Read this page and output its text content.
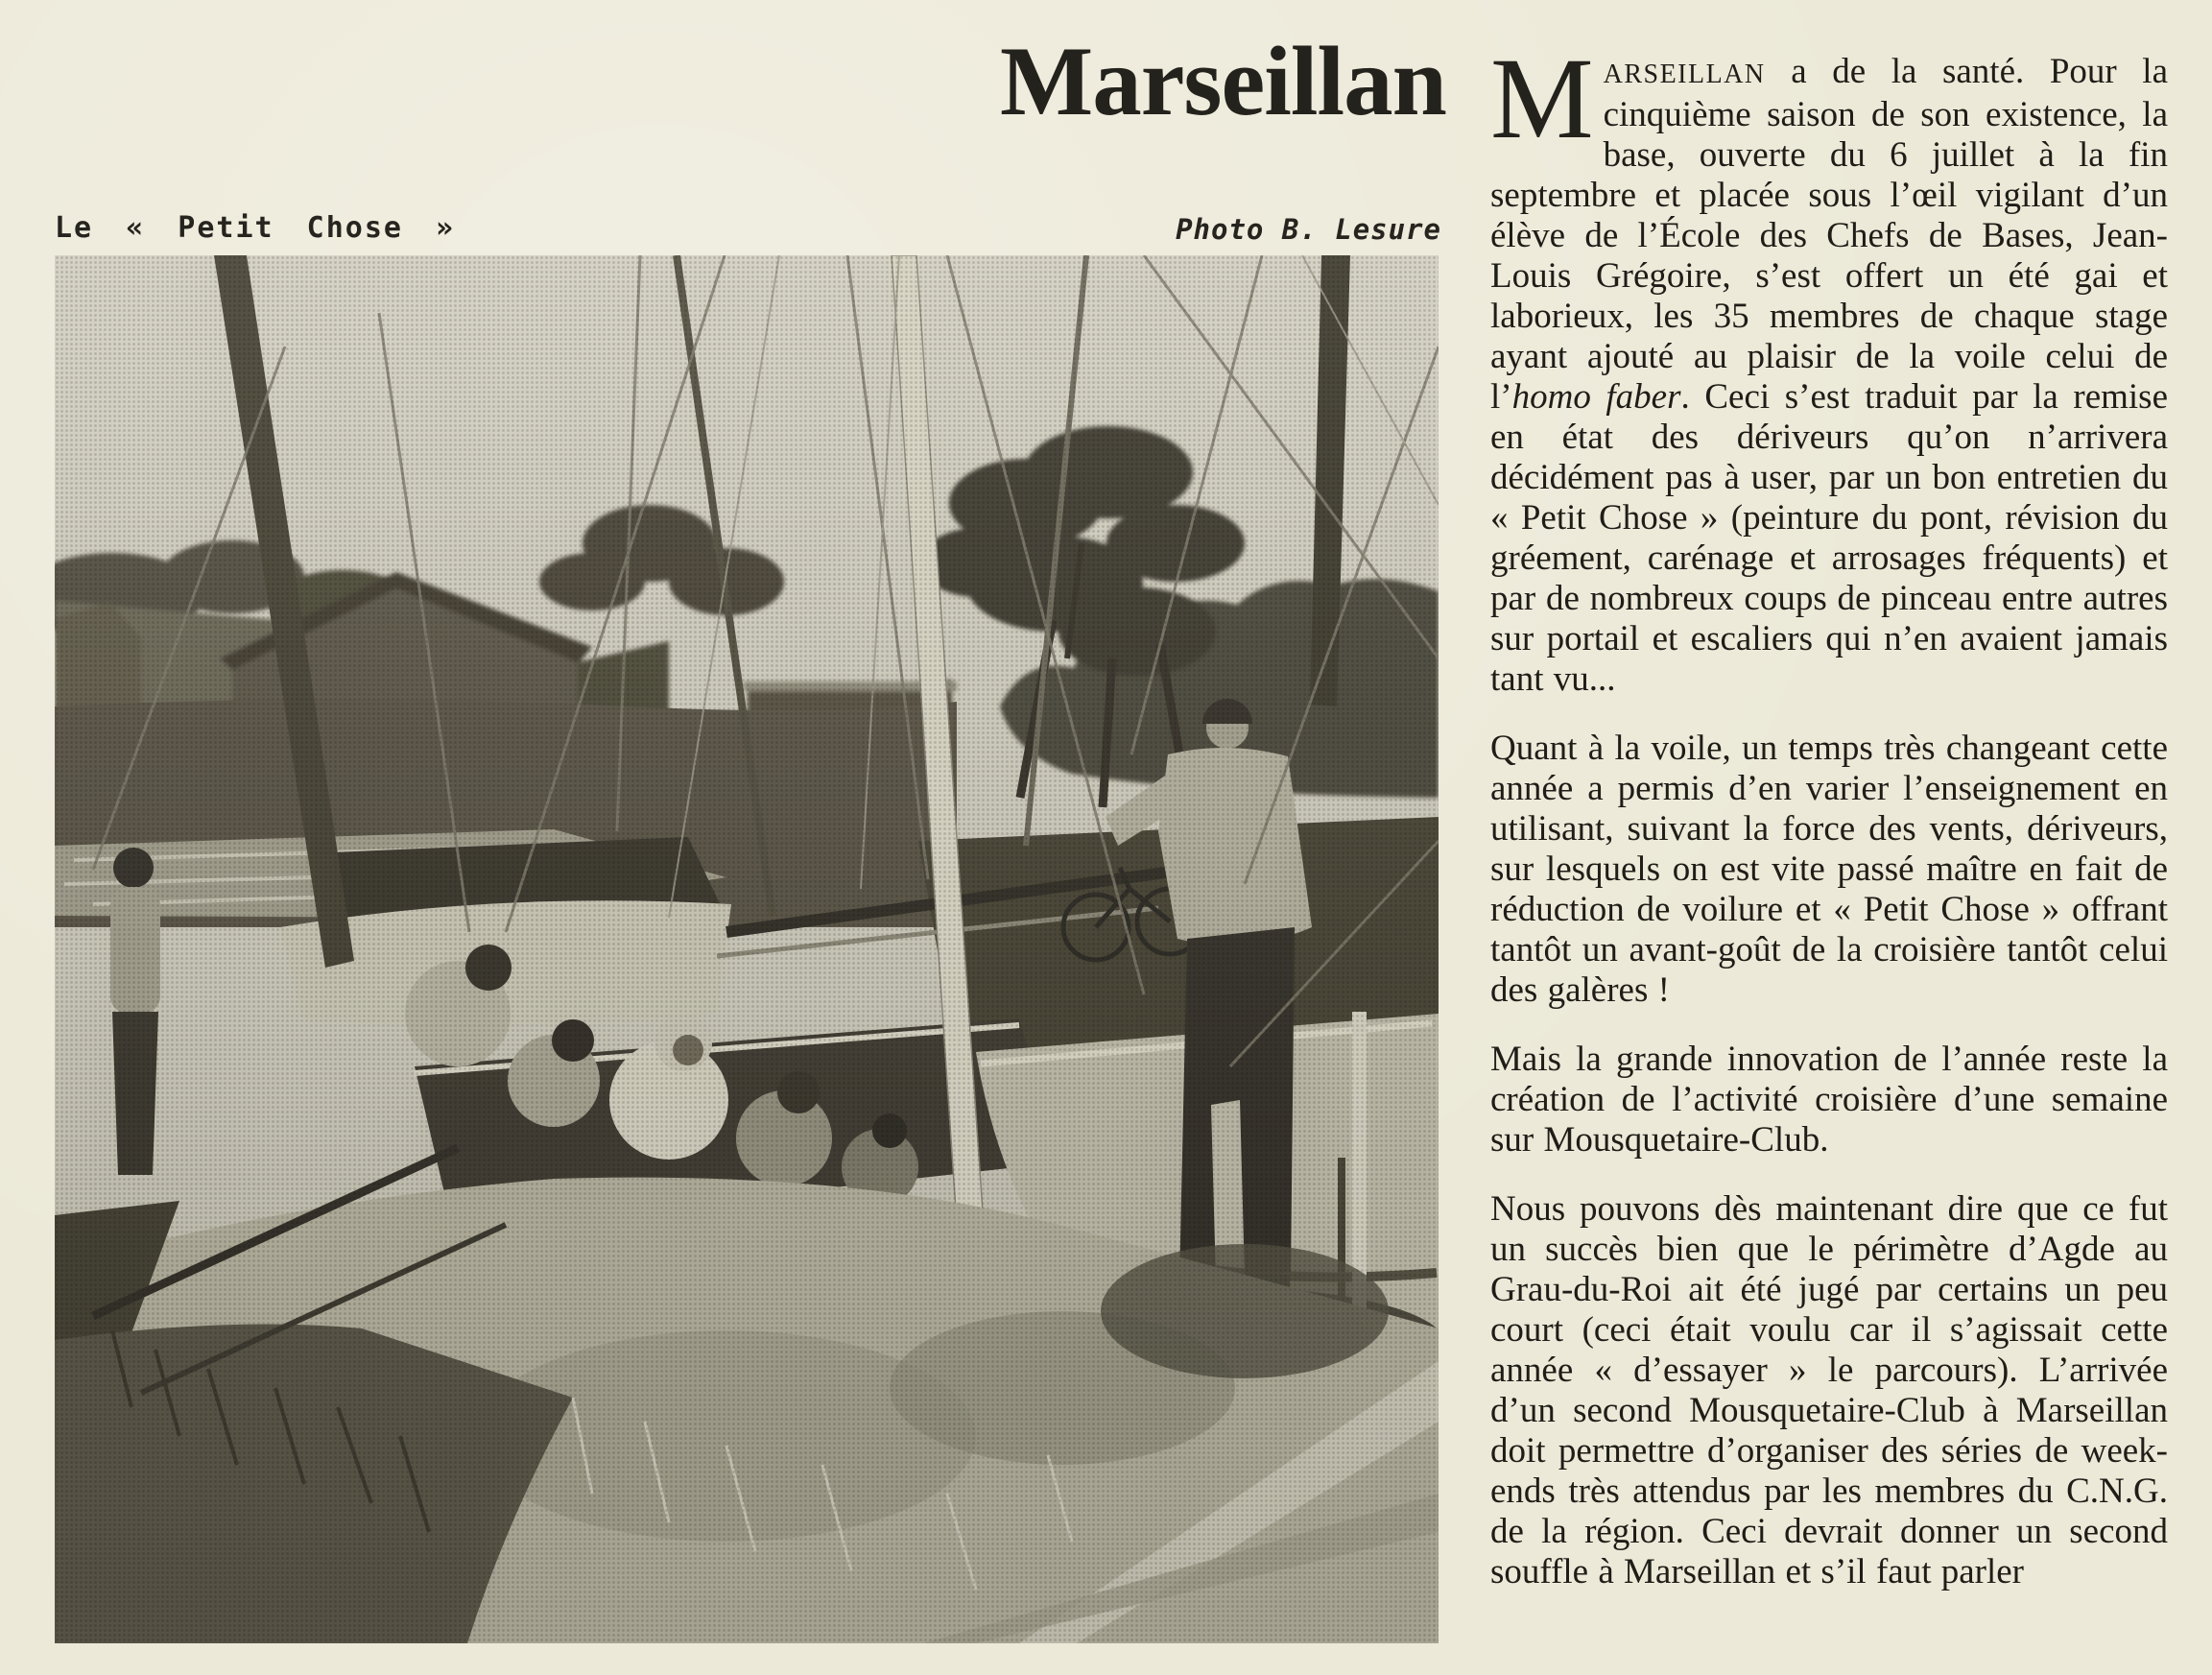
Marseillan
Le « Petit Chose »	Photo B. Lesure

MARSEILLAN a de la santé. Pour la cinquième saison de son existence, la base, ouverte du 6 juillet à la fin septembre et placée sous l’œil vigilant d’un élève de l’École des Chefs de Bases, Jean-Louis Grégoire, s’est offert un été gai et laborieux, les 35 membres de chaque stage ayant ajouté au plaisir de la voile celui de l’homo faber. Ceci s’est traduit par la remise en état des dériveurs qu’on n’arrivera décidément pas à user, par un bon entretien du « Petit Chose » (peinture du pont, révision du gréement, carénage et arrosages fréquents) et par de nombreux coups de pinceau entre autres sur portail et escaliers qui n’en avaient jamais tant vu...

Quant à la voile, un temps très changeant cette année a permis d’en varier l’enseignement en utilisant, suivant la force des vents, dériveurs, sur lesquels on est vite passé maître en fait de réduction de voilure et « Petit Chose » offrant tantôt un avant-goût de la croisière tantôt celui des galères !

Mais la grande innovation de l’année reste la création de l’activité croisière d’une semaine sur Mousquetaire-Club.

Nous pouvons dès maintenant dire que ce fut un succès bien que le périmètre d’Agde au Grau-du-Roi ait été jugé par certains un peu court (ceci était voulu car il s’agissait cette année « d’essayer » le parcours). L’arrivée d’un second Mousquetaire-Club à Marseillan doit permettre d’organiser des séries de week-ends très attendus par les membres du C.N.G. de la région. Ceci devrait donner un second souffle à Marseillan et s’il faut parler
